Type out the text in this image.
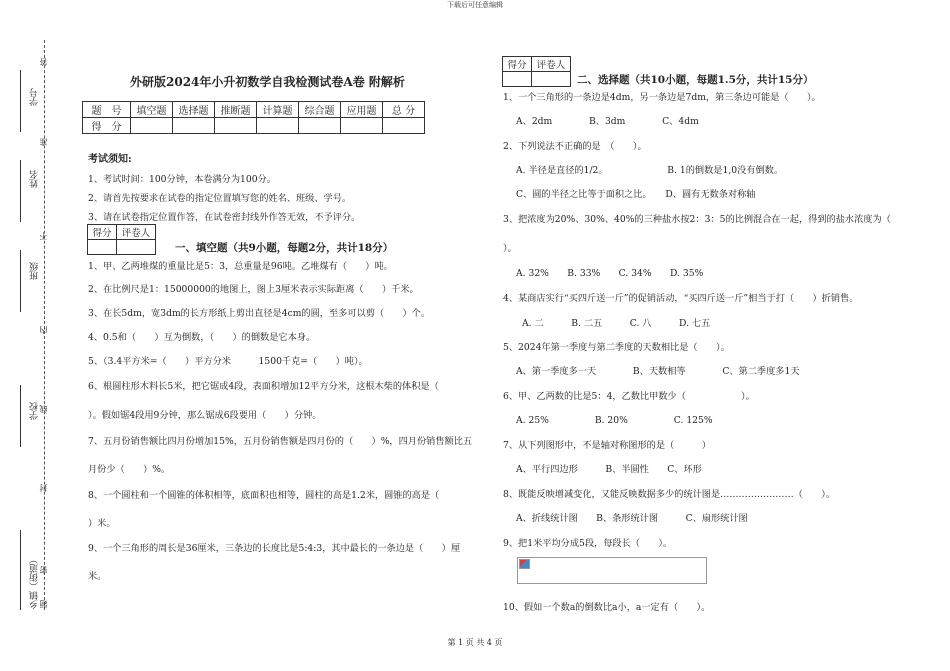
下载后可任意编辑
学号
姓名
班级
学校
乡镇（街道）
答
准
不
内
线
封
密
题
外研版2024年小升初数学自我检测试卷A卷 附解析
题　号	填空题	选择题	推断题	计算题	综合题	应用题	总 分
得　分							
考试须知:
1、考试时间：100分钟，本卷满分为100分。
2、请首先按要求在试卷的指定位置填写您的姓名、班级、学号。
3、请在试卷指定位置作答，在试卷密封线外作答无效，不予评分。
得分	评卷人

一、填空题（共9小题，每题2分，共计18分）
1、甲、乙两堆煤的重量比是5：3，总重量是96吨。乙堆煤有（　　）吨。
2、在比例尺是1：15000000的地图上，图上3厘米表示实际距离（　　）千米。
3、在长5dm，宽3dm的长方形纸上剪出直径是4cm的圆，至多可以剪（　　）个。
4、0.5和（　　）互为倒数，（　　）的倒数是它本身。
5、（3.4平方米=（　　）平方分米　　　1500千克=（　　）吨）。
6、根圆柱形木料长5米，把它锯成4段，表面积增加12平方分米，这根木柴的体积是（
）。假如锯4段用9分钟，那么锯成6段要用（　　）分钟。
7、五月份销售额比四月份增加15%，五月份销售额是四月份的（　　）%，四月份销售额比五
月份少（　　）%。
8、一个圆柱和一个圆锥的体积相等，底面积也相等，圆柱的高是1.2米，圆锥的高是（
）米。
9、一个三角形的周长是36厘米，三条边的长度比是5:4:3，其中最长的一条边是（　　）厘
米。
得分	评卷人

二、选择题（共10小题，每题1.5分，共计15分）
1、一个三角形的一条边是4dm，另一条边是7dm，第三条边可能是（　　）。
A、2dm　　　　B、3dm　　　　C、4dm
2、下列说法不正确的是　（　　）。
A. 半径是直径的1/2。　　　　　　　B. 1的倒数是1,0没有倒数。
C、圆的半径之比等于面积之比。　　D、圆有无数条对称轴
3、把浓度为20%、30%、40%的三种盐水按2：3：5的比例混合在一起，得到的盐水浓度为（
）。
A. 32%　　B. 33%　　C. 34%　　D. 35%
4、某商店实行“买四斤送一斤”的促销活动，“买四斤送一斤”相当于打（　　）折销售。
A. 二　　　B. 二五　　　C. 八　　　D. 七五
5、2024年第一季度与第二季度的天数相比是（　　）。
A、第一季度多一天　　　　B、天数相等　　　　C、第二季度多1天
6、甲、乙两数的比是5：4，乙数比甲数少（　　　　　　）。
A. 25%　　　　　B. 20%　　　　　C. 125%
7、从下列图形中，不是轴对称图形的是（　　　）
A、平行四边形　　　B、半圆性　　C、环形
8、既能反映增减变化，又能反映数据多少的统计图是……………………（　　）。
A、折线统计图　　B、条形统计图　　　C、扇形统计图
9、把1米平均分成5段，每段长（　　）。
10、假如一个数a的倒数比a小，a一定有（　　）。
第 1 页 共 4 页
